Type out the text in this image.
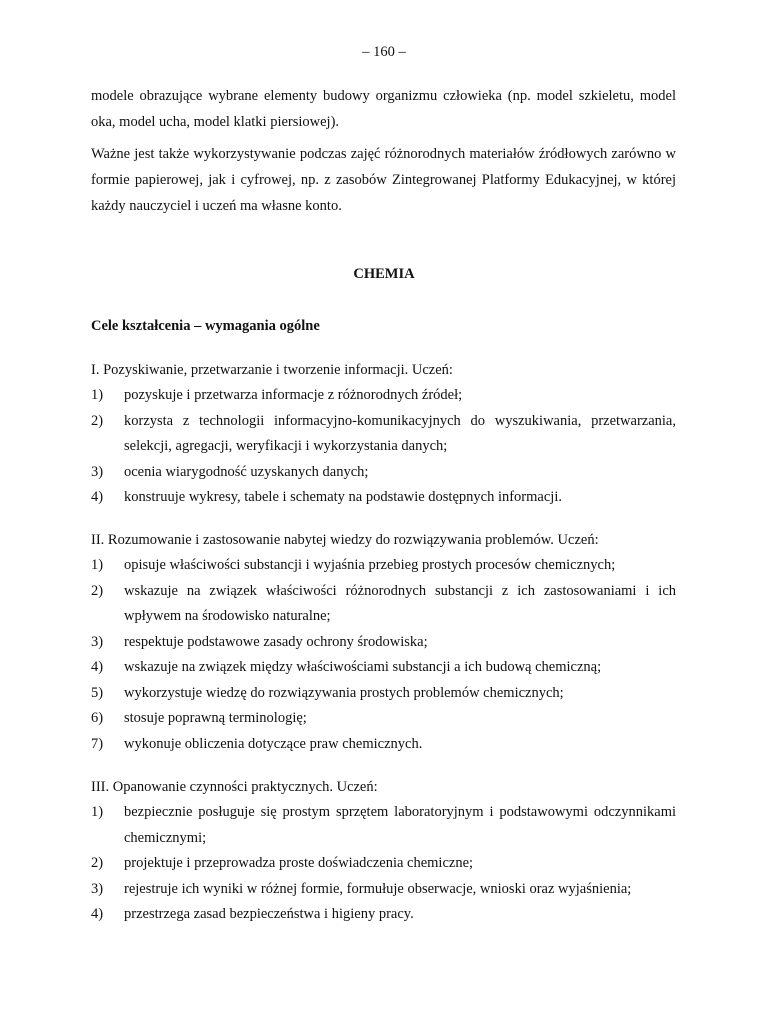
– 160 –

modele obrazujące wybrane elementy budowy organizmu człowieka (np. model szkieletu, model oka, model ucha, model klatki piersiowej).

Ważne jest także wykorzystywanie podczas zajęć różnorodnych materiałów źródłowych zarówno w formie papierowej, jak i cyfrowej, np. z zasobów Zintegrowanej Platformy Edukacyjnej, w której każdy nauczyciel i uczeń ma własne konto.

CHEMIA

Cele kształcenia – wymagania ogólne

I. Pozyskiwanie, przetwarzanie i tworzenie informacji. Uczeń:

1)	pozyskuje i przetwarza informacje z różnorodnych źródeł;
2)	korzysta z technologii informacyjno-komunikacyjnych do wyszukiwania, przetwarzania, selekcji, agregacji, weryfikacji i wykorzystania danych;
3)	ocenia wiarygodność uzyskanych danych;
4)	konstruuje wykresy, tabele i schematy na podstawie dostępnych informacji.

II. Rozumowanie i zastosowanie nabytej wiedzy do rozwiązywania problemów. Uczeń:

1)	opisuje właściwości substancji i wyjaśnia przebieg prostych procesów chemicznych;
2)	wskazuje na związek właściwości różnorodnych substancji z ich zastosowaniami i ich wpływem na środowisko naturalne;
3)	respektuje podstawowe zasady ochrony środowiska;
4)	wskazuje na związek między właściwościami substancji a ich budową chemiczną;
5)	wykorzystuje wiedzę do rozwiązywania prostych problemów chemicznych;
6)	stosuje poprawną terminologię;
7)	wykonuje obliczenia dotyczące praw chemicznych.

III. Opanowanie czynności praktycznych. Uczeń:

1)	bezpiecznie posługuje się prostym sprzętem laboratoryjnym i podstawowymi odczynnikami chemicznymi;
2)	projektuje i przeprowadza proste doświadczenia chemiczne;
3)	rejestruje ich wyniki w różnej formie, formułuje obserwacje, wnioski oraz wyjaśnienia;
4)	przestrzega zasad bezpieczeństwa i higieny pracy.
